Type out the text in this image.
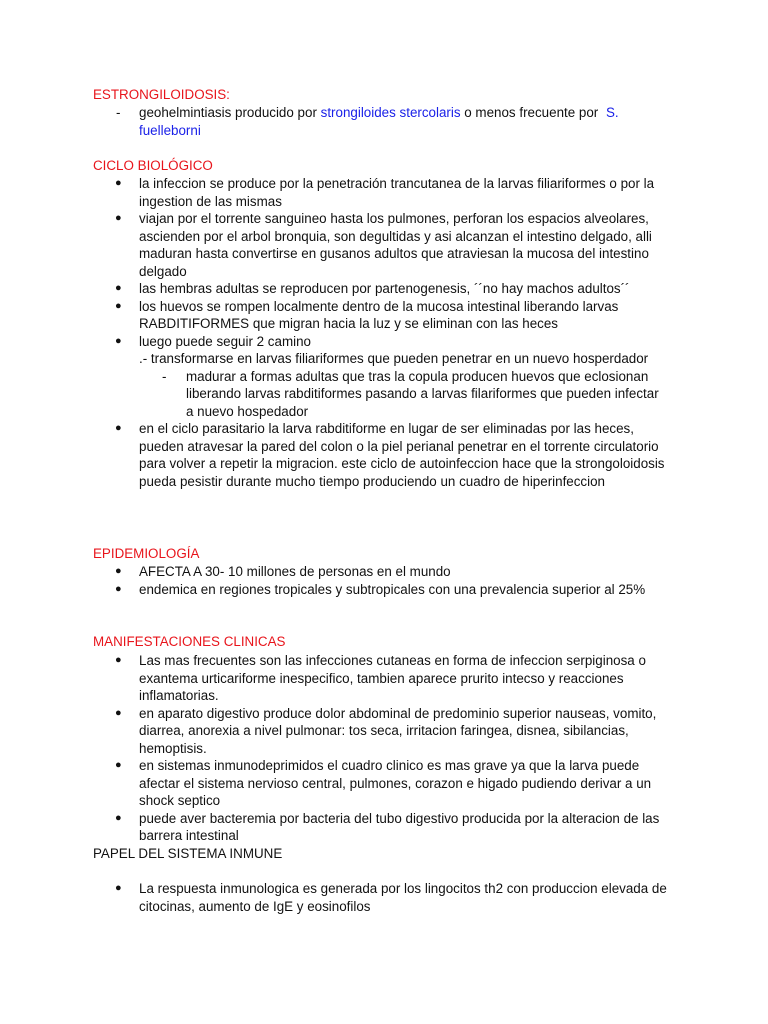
ESTRONGILOIDOSIS:
- geohelmintiasis producido por strongiloides stercolaris o menos frecuente por S.
fuelleborni
CICLO BIOLÓGICO
● la infeccion se produce por la penetración trancutanea de la larvas filiariformes o por la ingestion de las mismas
● viajan por el torrente sanguineo hasta los pulmones, perforan los espacios alveolares, ascienden por el arbol bronquia, son degultidas y asi alcanzan el intestino delgado, alli maduran hasta convertirse en gusanos adultos que atraviesan la mucosa del intestino delgado
● las hembras adultas se reproducen por partenogenesis, ´´no hay machos adultos´´
● los huevos se rompen localmente dentro de la mucosa intestinal liberando larvas RABDITIFORMES que migran hacia la luz y se eliminan con las heces
● luego puede seguir 2 camino
.- transformarse en larvas filiariformes que pueden penetrar en un nuevo hosperdador
- madurar a formas adultas que tras la copula producen huevos que eclosionan liberando larvas rabditiformes pasando a larvas filariformes que pueden infectar a nuevo hospedador
● en el ciclo parasitario la larva rabditiforme en lugar de ser eliminadas por las heces, pueden atravesar la pared del colon o la piel perianal penetrar en el torrente circulatorio para volver a repetir la migracion. este ciclo de autoinfeccion hace que la strongoloidosis pueda pesistir durante mucho tiempo produciendo un cuadro de hiperinfeccion
EPIDEMIOLOGÍA
● AFECTA A 30- 10 millones de personas en el mundo
● endemica en regiones tropicales y subtropicales con una prevalencia superior al 25%
MANIFESTACIONES CLINICAS
● Las mas frecuentes son las infecciones cutaneas en forma de infeccion serpiginosa o exantema urticariforme inespecifico, tambien aparece prurito intecso y reacciones inflamatorias.
● en aparato digestivo produce dolor abdominal de predominio superior nauseas, vomito, diarrea, anorexia a nivel pulmonar: tos seca, irritacion faringea, disnea, sibilancias, hemoptisis.
● en sistemas inmunodeprimidos el cuadro clinico es mas grave ya que la larva puede afectar el sistema nervioso central, pulmones, corazon e higado pudiendo derivar a un shock septico
● puede aver bacteremia por bacteria del tubo digestivo producida por la alteracion de las barrera intestinal
PAPEL DEL SISTEMA INMUNE
● La respuesta inmunologica es generada por los lingocitos th2 con produccion elevada de citocinas, aumento de IgE y eosinofilos
